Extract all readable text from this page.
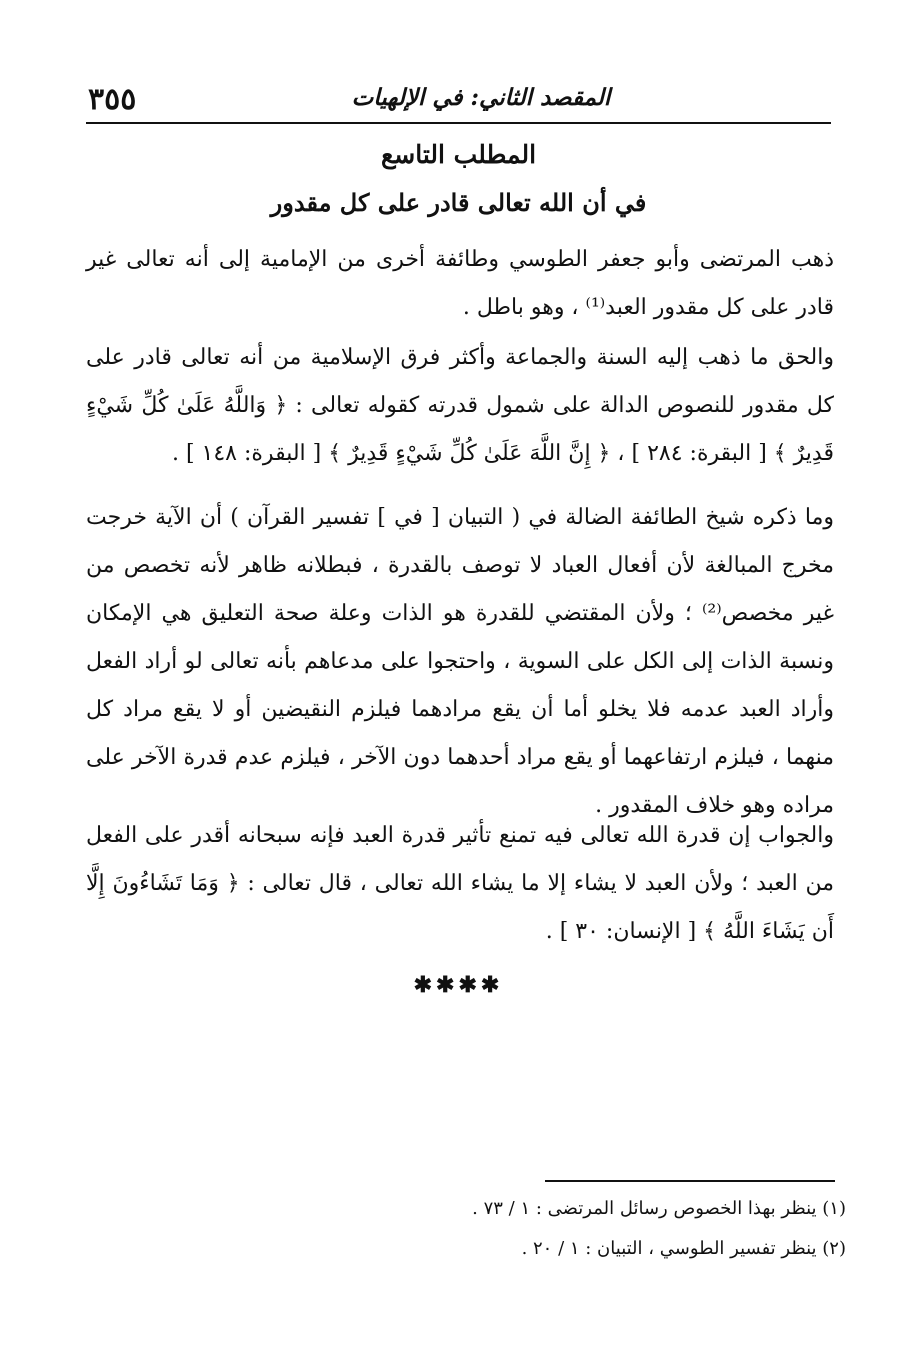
٣٥٥	المقصد الثاني: في الإلهيات
المطلب التاسع
في أن الله تعالى قادر على كل مقدور

ذهب المرتضى وأبو جعفر الطوسي وطائفة أخرى من الإمامية إلى أنه تعالى غير قادر على كل مقدور العبد⁽¹⁾ ، وهو باطل .

والحق ما ذهب إليه السنة والجماعة وأكثر فرق الإسلامية من أنه تعالى قادر على كل مقدور للنصوص الدالة على شمول قدرته كقوله تعالى : ﴿ وَاللَّهُ عَلَىٰ كُلِّ شَيْءٍ قَدِيرٌ ﴾ [ البقرة: ٢٨٤ ] ، ﴿ إِنَّ اللَّهَ عَلَىٰ كُلِّ شَيْءٍ قَدِيرٌ ﴾ [ البقرة: ١٤٨ ] .

وما ذكره شيخ الطائفة الضالة في ( التبيان [ في ] تفسير القرآن ) أن الآية خرجت مخرج المبالغة لأن أفعال العباد لا توصف بالقدرة ، فبطلانه ظاهر لأنه تخصص من غير مخصص⁽²⁾ ؛ ولأن المقتضي للقدرة هو الذات وعلة صحة التعليق هي الإمكان ونسبة الذات إلى الكل على السوية ، واحتجوا على مدعاهم بأنه تعالى لو أراد الفعل وأراد العبد عدمه فلا يخلو أما أن يقع مرادهما فيلزم النقيضين أو لا يقع مراد كل منهما ، فيلزم ارتفاعهما أو يقع مراد أحدهما دون الآخر ، فيلزم عدم قدرة الآخر على مراده وهو خلاف المقدور .

والجواب إن قدرة الله تعالى فيه تمنع تأثير قدرة العبد فإنه سبحانه أقدر على الفعل من العبد ؛ ولأن العبد لا يشاء إلا ما يشاء الله تعالى ، قال تعالى : ﴿ وَمَا تَشَاءُونَ إِلَّا أَن يَشَاءَ اللَّهُ ﴾ [ الإنسان: ٣٠ ] .

✱✱✱✱
(١) ينظر بهذا الخصوص رسائل المرتضى : ١ / ٧٣ .
(٢) ينظر تفسير الطوسي ، التبيان : ١ / ٢٠ .
